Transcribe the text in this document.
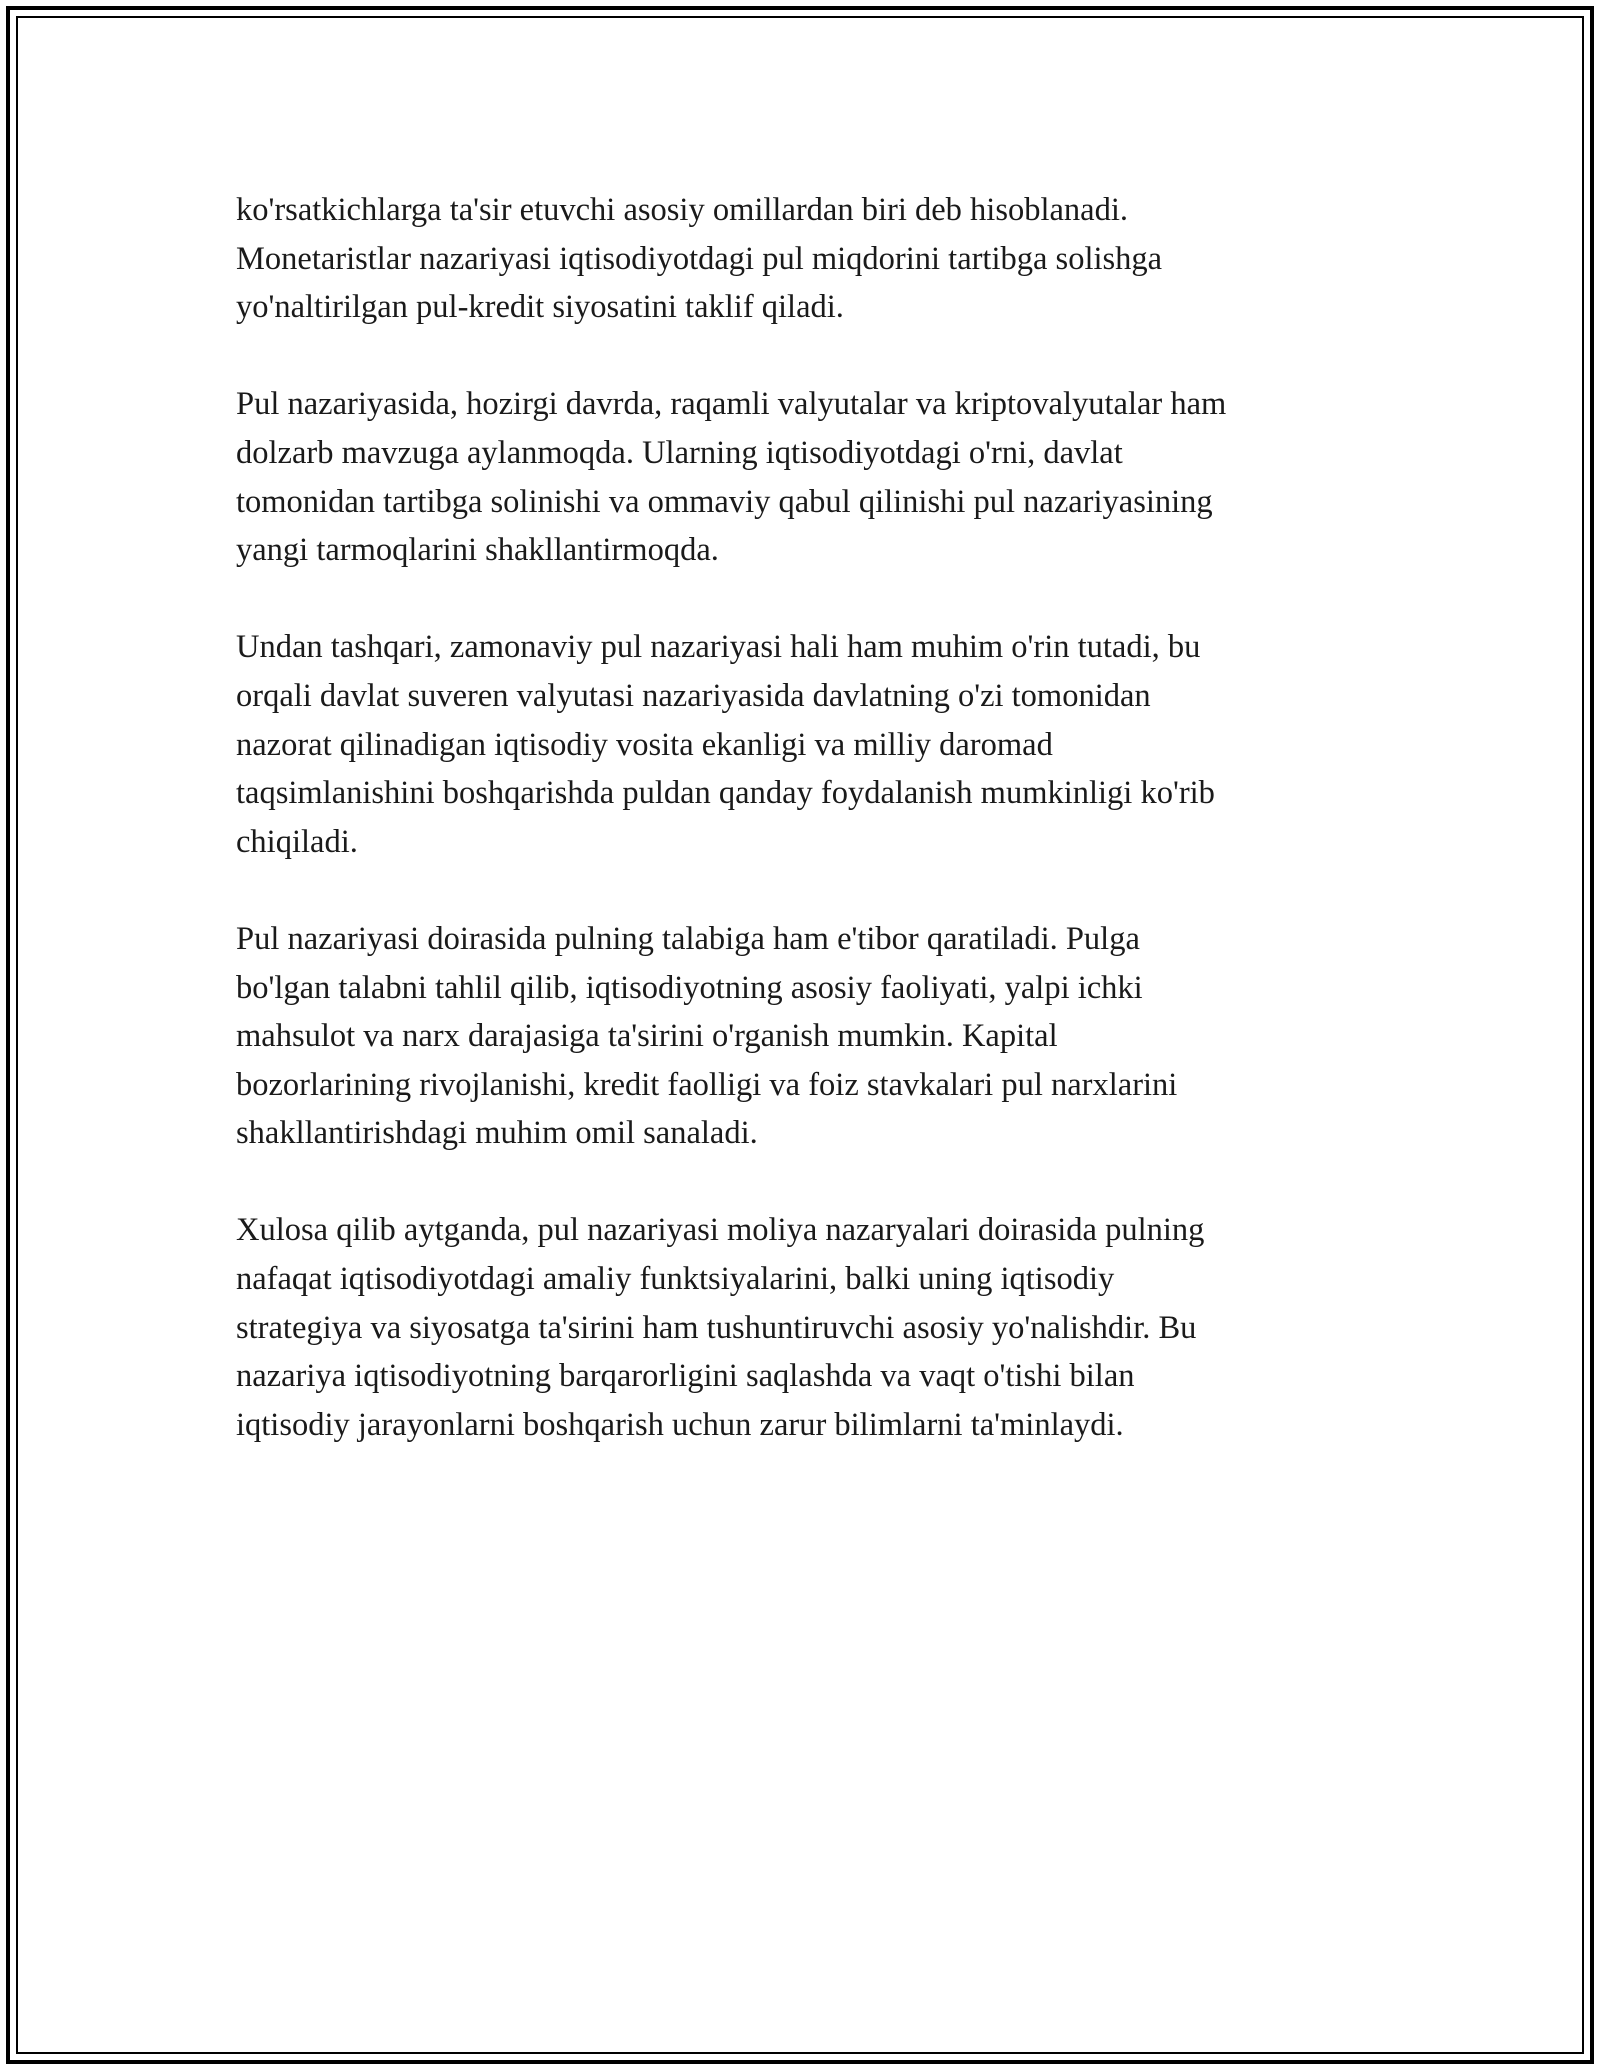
ko'rsatkichlarga ta'sir etuvchi asosiy omillardan biri deb hisoblanadi.
Monetaristlar nazariyasi iqtisodiyotdagi pul miqdorini tartibga solishga
yo'naltirilgan pul-kredit siyosatini taklif qiladi.

Pul nazariyasida, hozirgi davrda, raqamli valyutalar va kriptovalyutalar ham
dolzarb mavzuga aylanmoqda. Ularning iqtisodiyotdagi o'rni, davlat
tomonidan tartibga solinishi va ommaviy qabul qilinishi pul nazariyasining
yangi tarmoqlarini shakllantirmoqda.

Undan tashqari, zamonaviy pul nazariyasi hali ham muhim o'rin tutadi, bu
orqali davlat suveren valyutasi nazariyasida davlatning o'zi tomonidan
nazorat qilinadigan iqtisodiy vosita ekanligi va milliy daromad
taqsimlanishini boshqarishda puldan qanday foydalanish mumkinligi ko'rib
chiqiladi.

Pul nazariyasi doirasida pulning talabiga ham e'tibor qaratiladi. Pulga
bo'lgan talabni tahlil qilib, iqtisodiyotning asosiy faoliyati, yalpi ichki
mahsulot va narx darajasiga ta'sirini o'rganish mumkin. Kapital
bozorlarining rivojlanishi, kredit faolligi va foiz stavkalari pul narxlarini
shakllantirishdagi muhim omil sanaladi.

Xulosa qilib aytganda, pul nazariyasi moliya nazaryalari doirasida pulning
nafaqat iqtisodiyotdagi amaliy funktsiyalarini, balki uning iqtisodiy
strategiya va siyosatga ta'sirini ham tushuntiruvchi asosiy yo'nalishdir. Bu
nazariya iqtisodiyotning barqarorligini saqlashda va vaqt o'tishi bilan
iqtisodiy jarayonlarni boshqarish uchun zarur bilimlarni ta'minlaydi.
